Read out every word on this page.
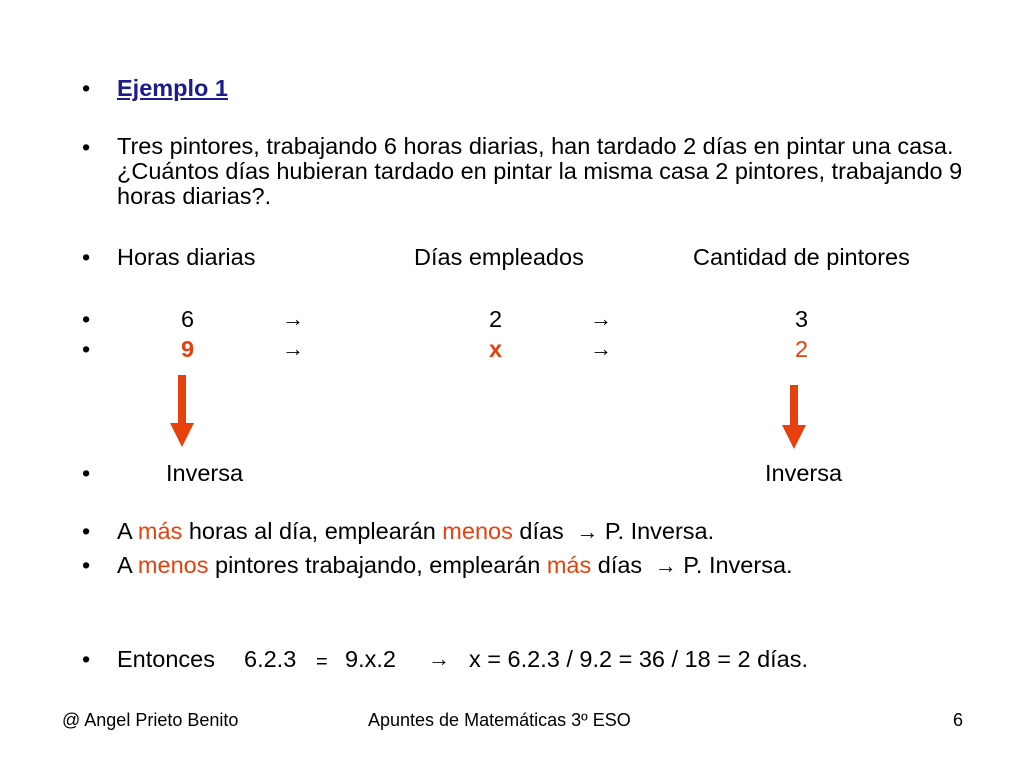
• Ejemplo 1
• Tres pintores, trabajando 6 horas diarias, han tardado 2 días en pintar una casa. ¿Cuántos días hubieran tardado en pintar la misma casa 2 pintores, trabajando 9 horas diarias?.
• Horas diarias	Días empleados	Cantidad de pintores
•	6	→	2	→	3
•	9	→	x	→	2
•	Inversa	Inversa
• A más horas al día, emplearán menos días → P. Inversa.
• A menos pintores trabajando, emplearán más días → P. Inversa.
• Entonces 6.2.3 = 9.x.2 → x = 6.2.3 / 9.2 = 36 / 18 = 2 días.
@ Angel Prieto Benito	Apuntes de Matemáticas 3º ESO	6
